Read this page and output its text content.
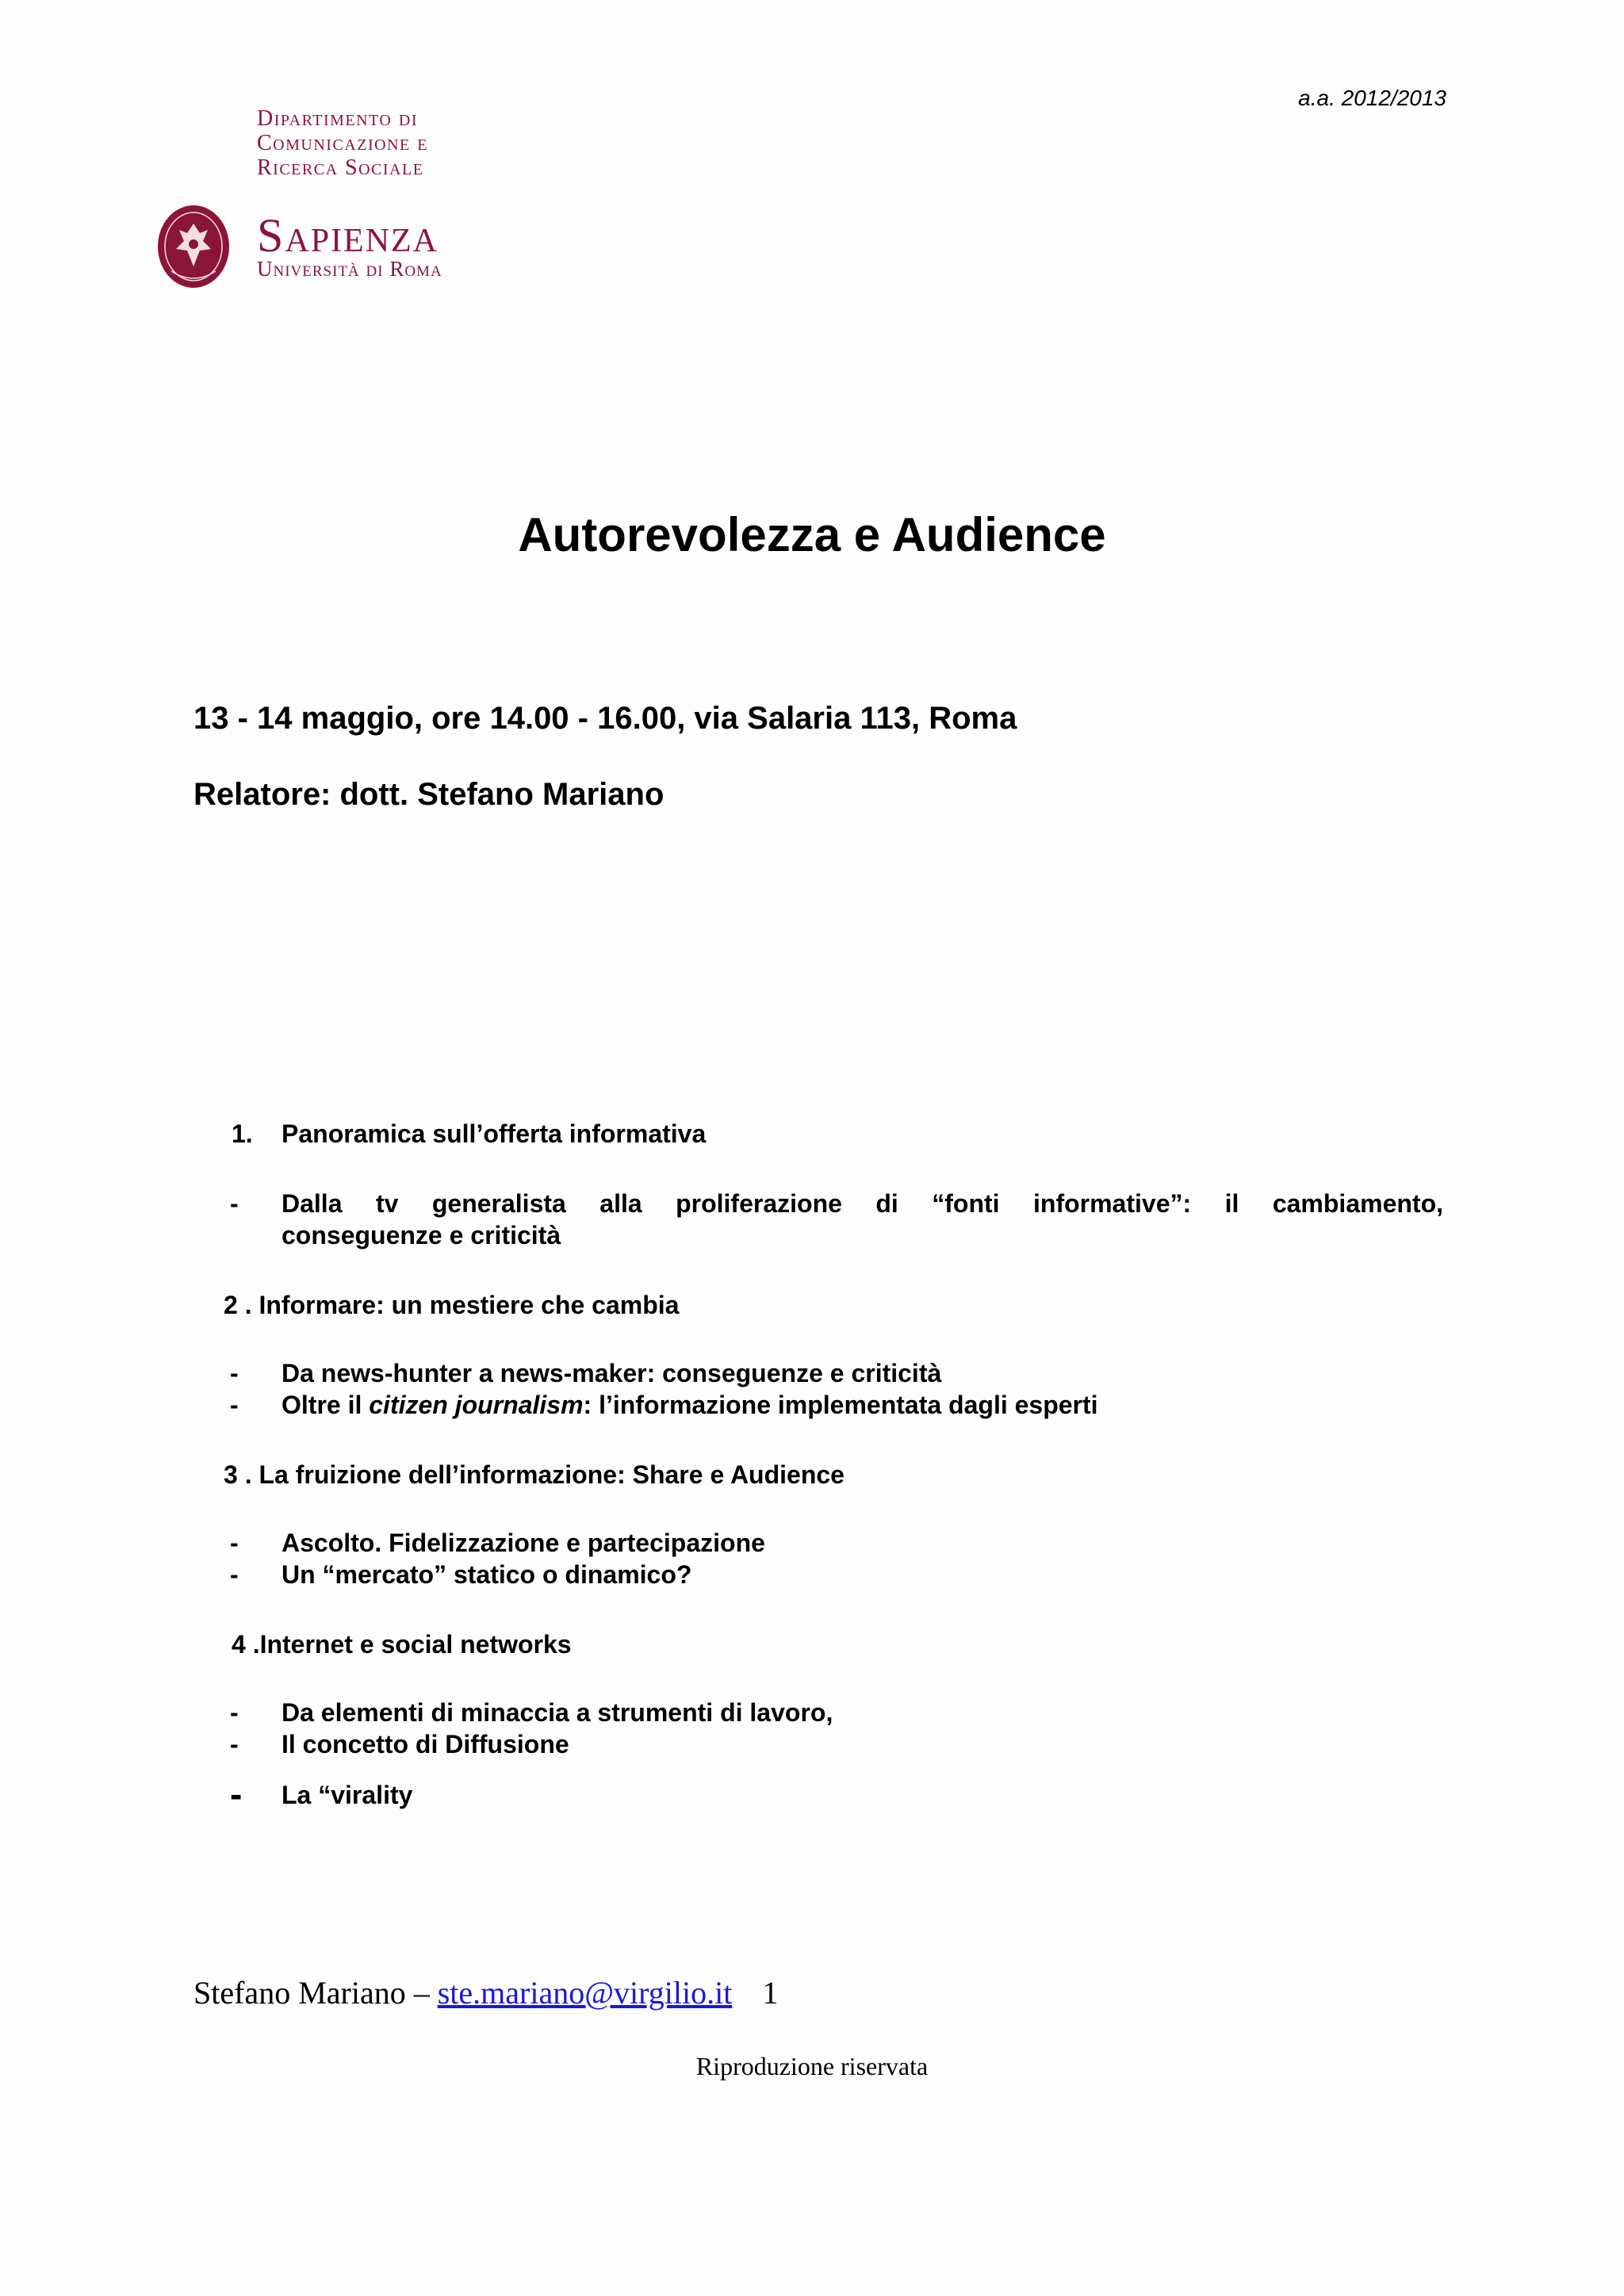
a.a. 2012/2013
Dipartimento di
Comunicazione e
Ricerca Sociale
Sapienza
Università di Roma
Autorevolezza e Audience
13 - 14 maggio, ore 14.00 - 16.00, via Salaria 113, Roma
Relatore: dott. Stefano Mariano
1. Panoramica sull’offerta informativa
- Dalla tv generalista alla proliferazione di “fonti informative”: il cambiamento,
conseguenze e criticità
2 . Informare: un mestiere che cambia
- Da news-hunter a news-maker: conseguenze e criticità
- Oltre il citizen journalism: l’informazione implementata dagli esperti
3 . La fruizione dell’informazione: Share e Audience
- Ascolto. Fidelizzazione e partecipazione
- Un “mercato” statico o dinamico?
4 .Internet e social networks
- Da elementi di minaccia a strumenti di lavoro,
- Il concetto di Diffusione
- La “virality
Stefano Mariano – ste.mariano@virgilio.it 1
Riproduzione riservata
